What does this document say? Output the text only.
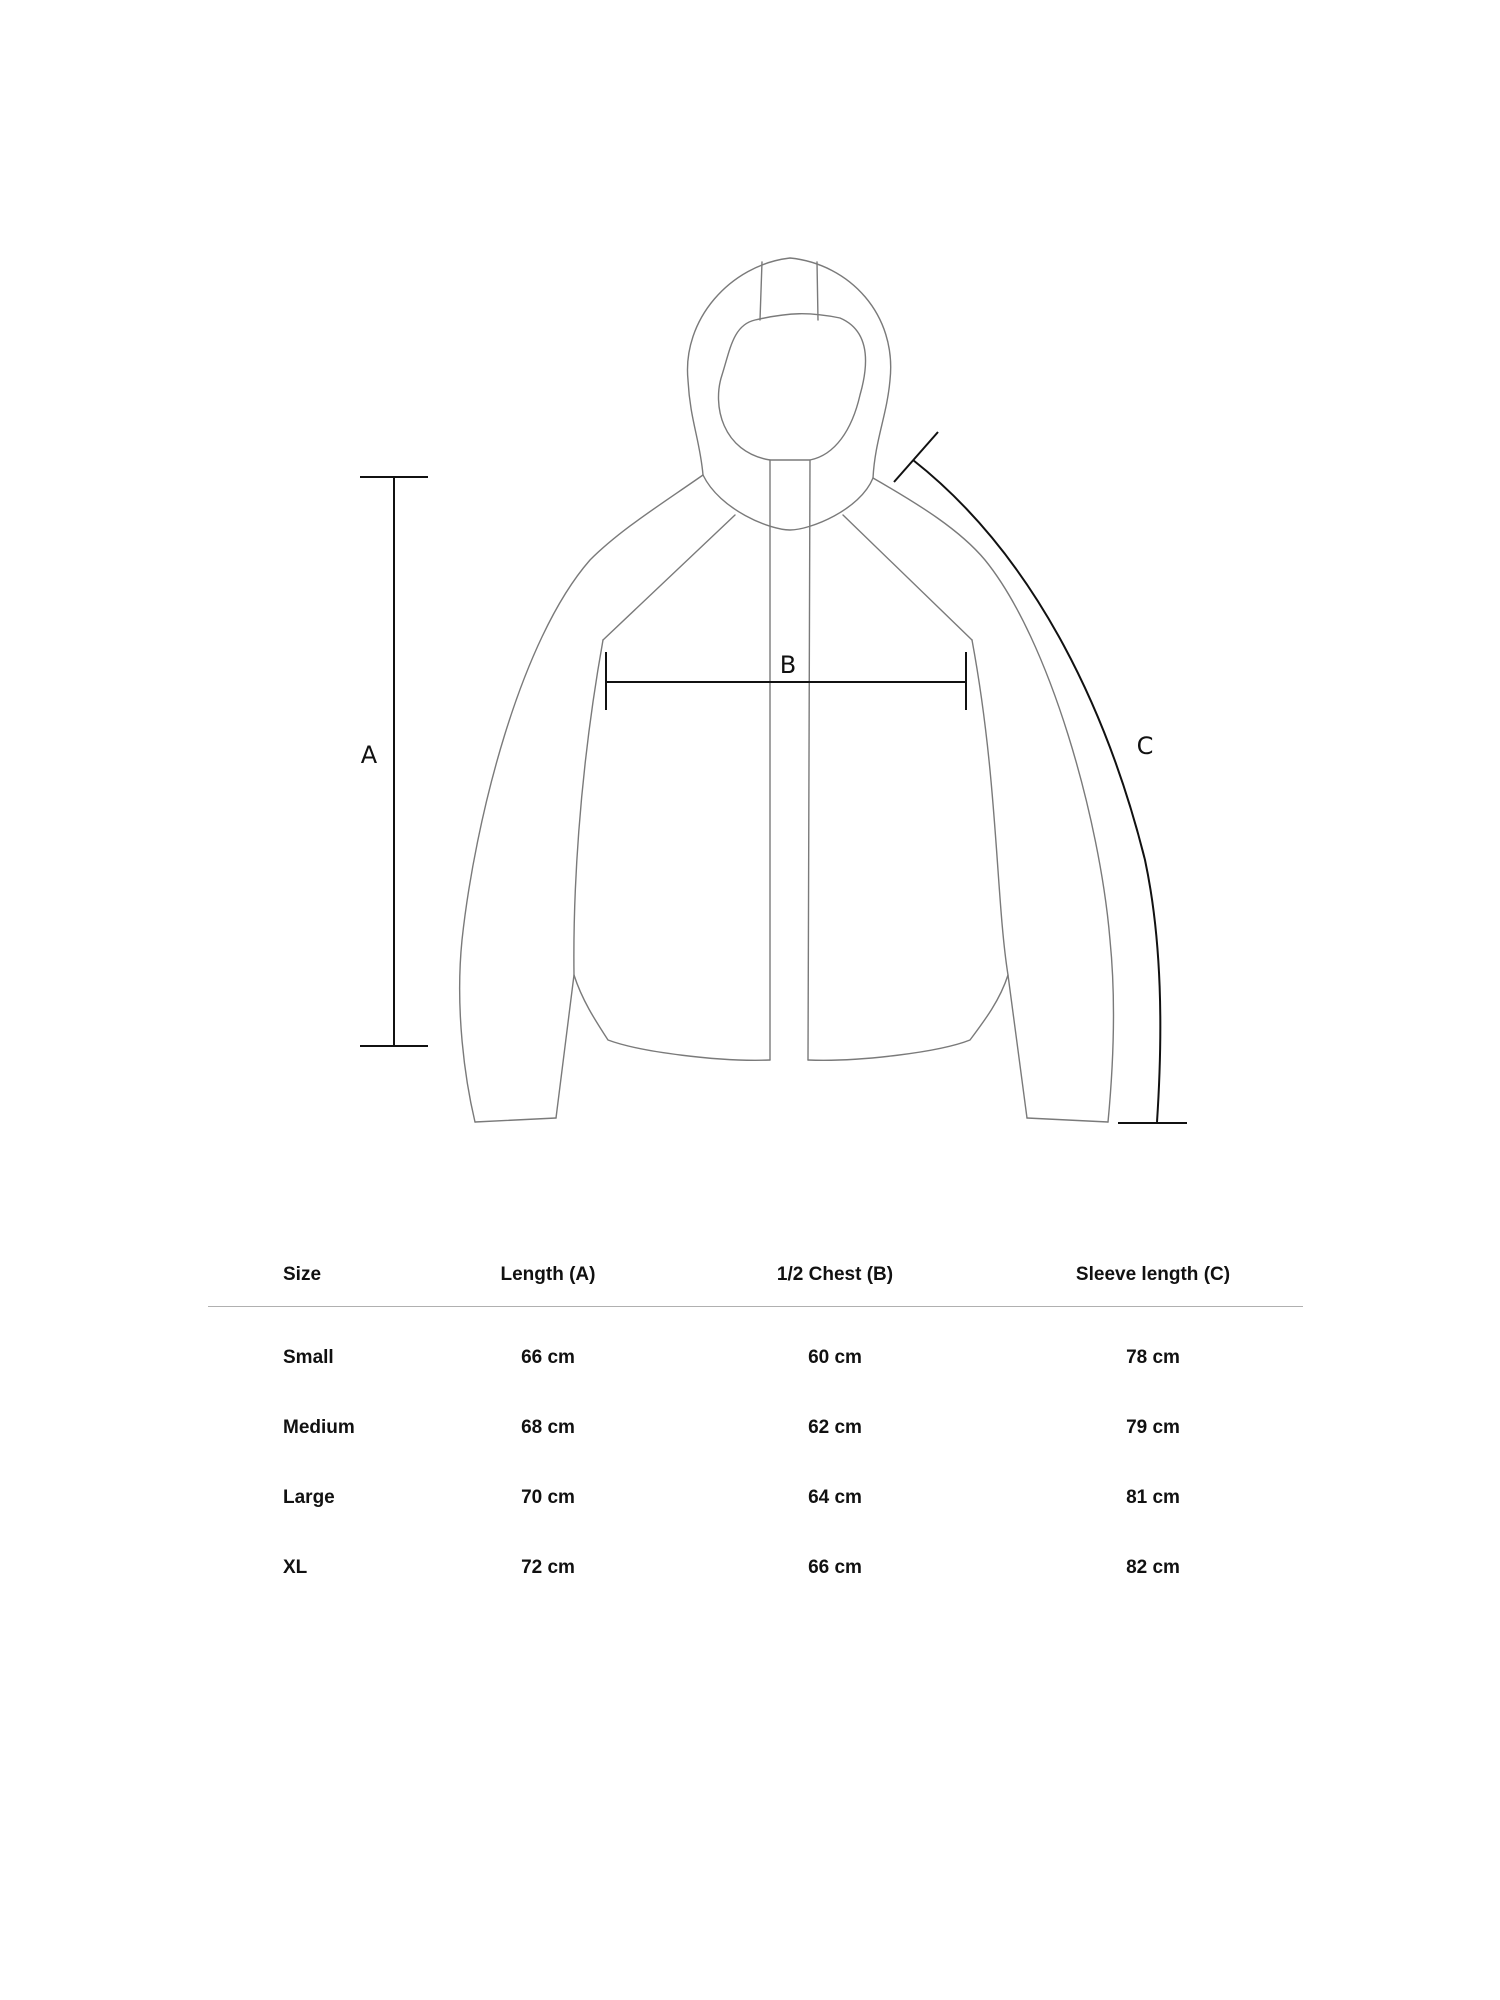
A
B
C
Size	Length (A)	1/2 Chest (B)	Sleeve length (C)
Small	66 cm	60 cm	78 cm
Medium	68 cm	62 cm	79 cm
Large	70 cm	64 cm	81 cm
XL	72 cm	66 cm	82 cm
